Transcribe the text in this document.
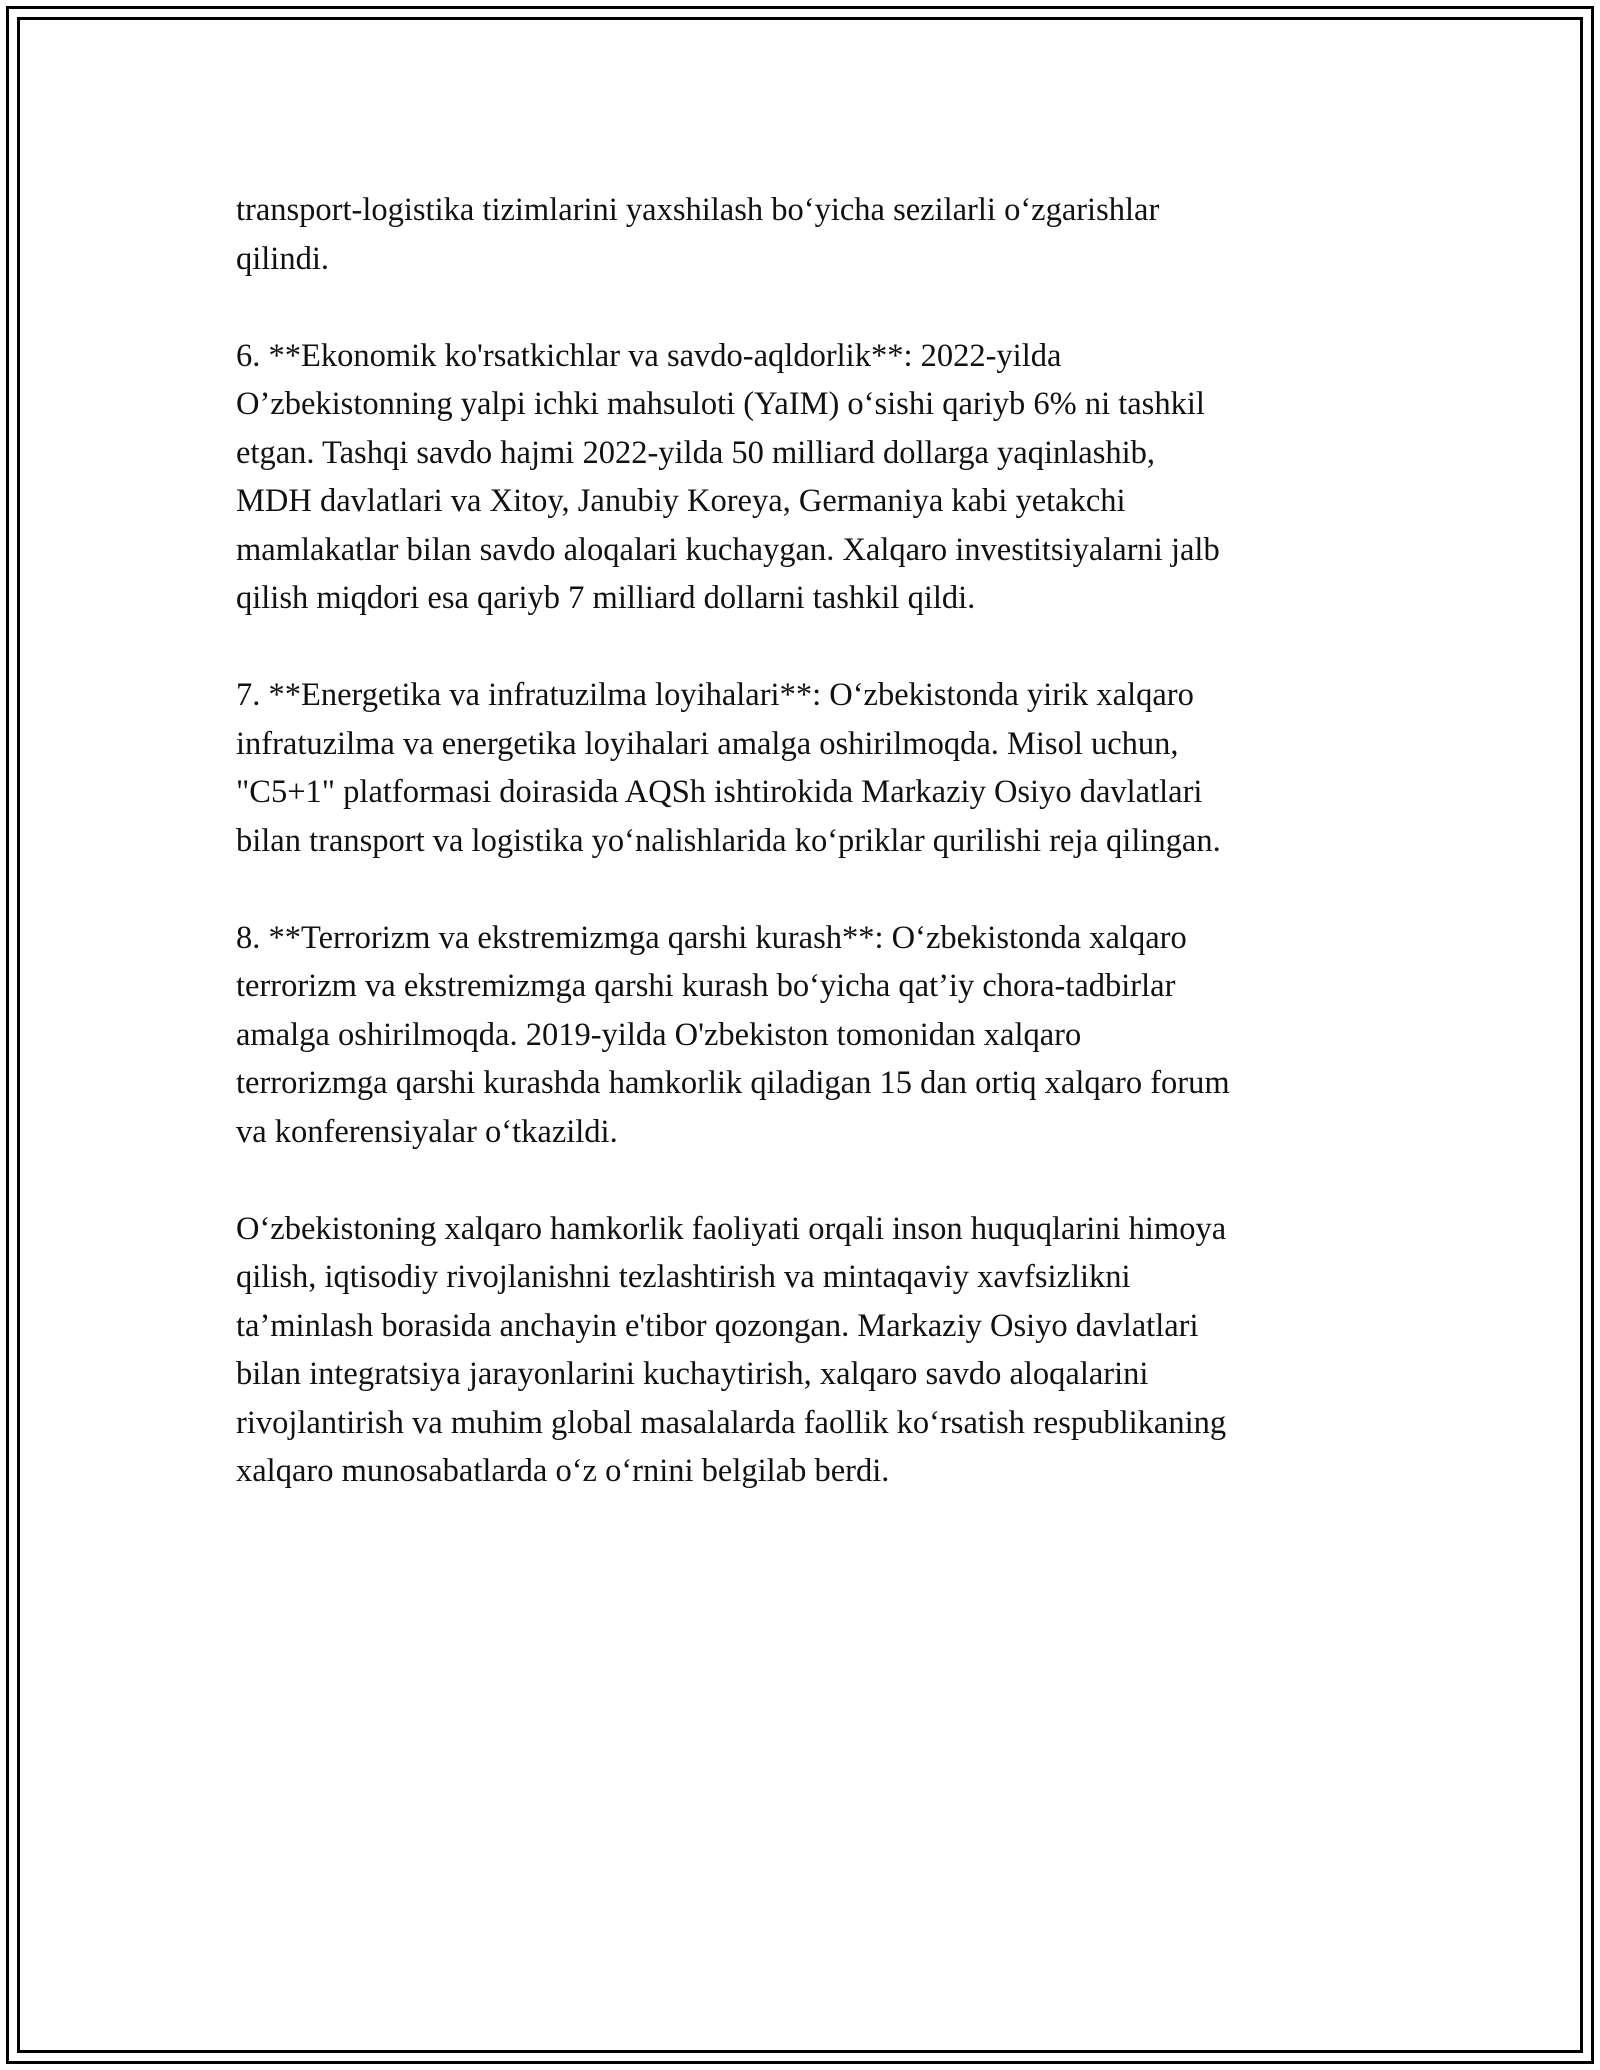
transport-logistika tizimlarini yaxshilash bo‘yicha sezilarli o‘zgarishlar
qilindi.

6. **Ekonomik ko'rsatkichlar va savdo-aqldorlik**: 2022-yilda
O’zbekistonning yalpi ichki mahsuloti (YaIM) o‘sishi qariyb 6% ni tashkil
etgan. Tashqi savdo hajmi 2022-yilda 50 milliard dollarga yaqinlashib,
MDH davlatlari va Xitoy, Janubiy Koreya, Germaniya kabi yetakchi
mamlakatlar bilan savdo aloqalari kuchaygan. Xalqaro investitsiyalarni jalb
qilish miqdori esa qariyb 7 milliard dollarni tashkil qildi.

7. **Energetika va infratuzilma loyihalari**: O‘zbekistonda yirik xalqaro
infratuzilma va energetika loyihalari amalga oshirilmoqda. Misol uchun,
"C5+1" platformasi doirasida AQSh ishtirokida Markaziy Osiyo davlatlari
bilan transport va logistika yo‘nalishlarida ko‘priklar qurilishi reja qilingan.

8. **Terrorizm va ekstremizmga qarshi kurash**: O‘zbekistonda xalqaro
terrorizm va ekstremizmga qarshi kurash bo‘yicha qat’iy chora-tadbirlar
amalga oshirilmoqda. 2019-yilda O'zbekiston tomonidan xalqaro
terrorizmga qarshi kurashda hamkorlik qiladigan 15 dan ortiq xalqaro forum
va konferensiyalar o‘tkazildi.

O‘zbekistoning xalqaro hamkorlik faoliyati orqali inson huquqlarini himoya
qilish, iqtisodiy rivojlanishni tezlashtirish va mintaqaviy xavfsizlikni
ta’minlash borasida anchayin e'tibor qozongan. Markaziy Osiyo davlatlari
bilan integratsiya jarayonlarini kuchaytirish, xalqaro savdo aloqalarini
rivojlantirish va muhim global masalalarda faollik ko‘rsatish respublikaning
xalqaro munosabatlarda o‘z o‘rnini belgilab berdi.
